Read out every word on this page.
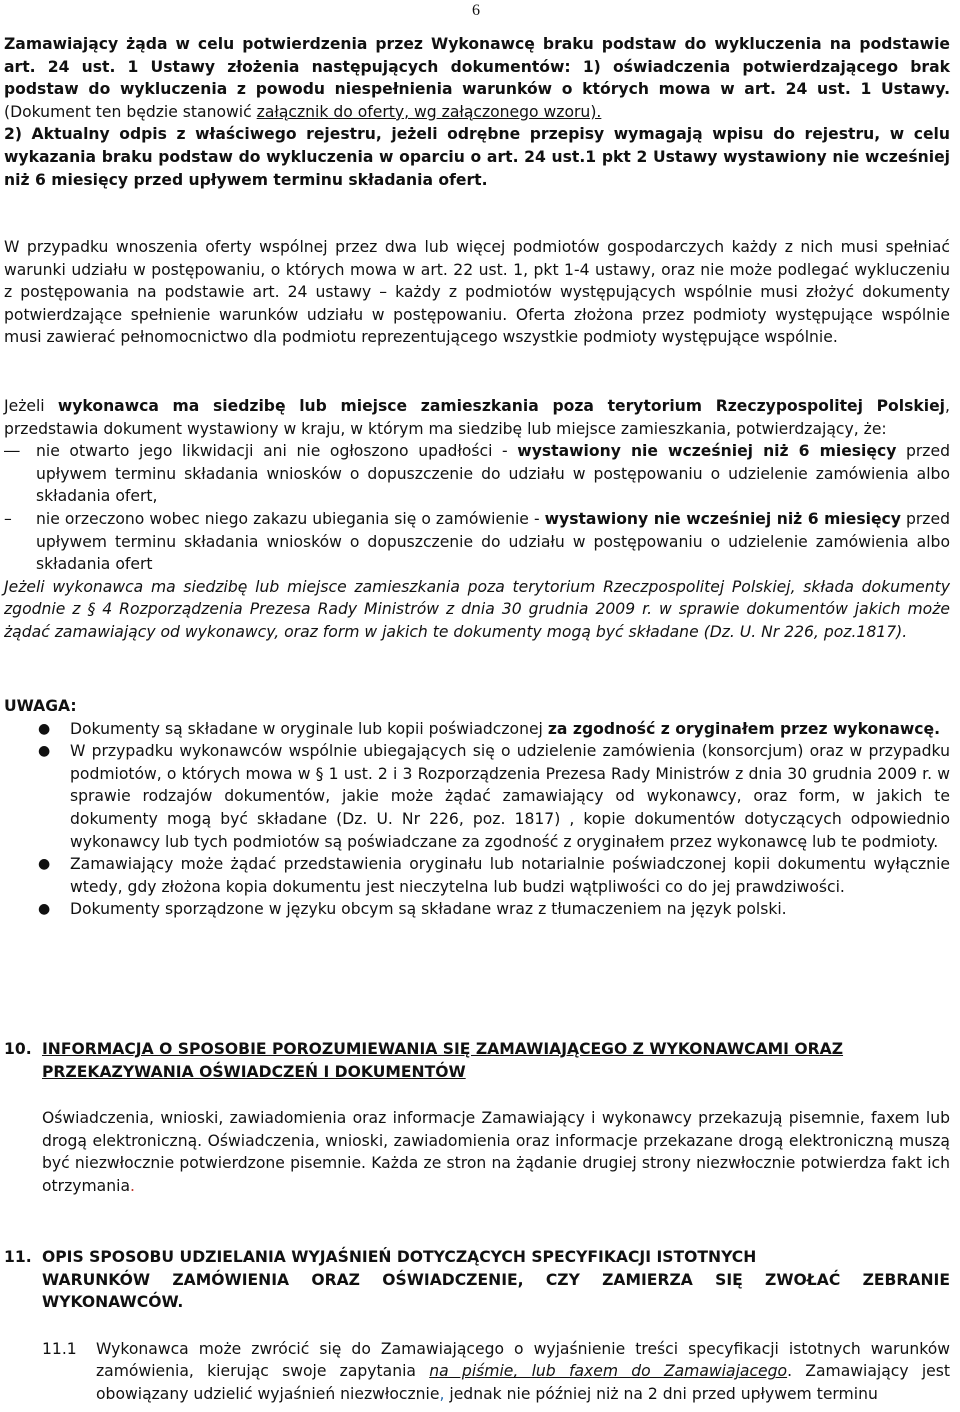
6

Zamawiający żąda w celu potwierdzenia przez Wykonawcę braku podstaw do wykluczenia na podstawie art. 24 ust. 1 Ustawy złożenia następujących dokumentów: 1) oświadczenia potwierdzającego brak podstaw do wykluczenia z powodu niespełnienia warunków o których mowa w art. 24 ust. 1 Ustawy. (Dokument ten będzie stanowić załącznik do oferty, wg załączonego wzoru).

2) Aktualny odpis z właściwego rejestru, jeżeli odrębne przepisy wymagają wpisu do rejestru, w celu wykazania braku podstaw do wykluczenia w oparciu o art. 24 ust.1 pkt 2 Ustawy wystawiony nie wcześniej niż 6 miesięcy przed upływem terminu składania ofert.

W przypadku wnoszenia oferty wspólnej przez dwa lub więcej podmiotów gospodarczych każdy z nich musi spełniać warunki udziału w postępowaniu, o których mowa w art. 22 ust. 1, pkt 1-4 ustawy, oraz nie może podlegać wykluczeniu z postępowania na podstawie art. 24 ustawy – każdy z podmiotów występujących wspólnie musi złożyć dokumenty potwierdzające spełnienie warunków udziału w postępowaniu. Oferta złożona przez podmioty występujące wspólnie musi zawierać pełnomocnictwo dla podmiotu reprezentującego wszystkie podmioty występujące wspólnie.

Jeżeli wykonawca ma siedzibę lub miejsce zamieszkania poza terytorium Rzeczypospolitej Polskiej, przedstawia dokument wystawiony w kraju, w którym ma siedzibę lub miejsce zamieszkania, potwierdzający, że:

― nie otwarto jego likwidacji ani nie ogłoszono upadłości - wystawiony nie wcześniej niż 6 miesięcy przed upływem terminu składania wniosków o dopuszczenie do udziału w postępowaniu o udzielenie zamówienia albo składania ofert,
– nie orzeczono wobec niego zakazu ubiegania się o zamówienie - wystawiony nie wcześniej niż 6 miesięcy przed upływem terminu składania wniosków o dopuszczenie do udziału w postępowaniu o udzielenie zamówienia albo składania ofert

Jeżeli wykonawca ma siedzibę lub miejsce zamieszkania poza terytorium Rzeczpospolitej Polskiej, składa dokumenty zgodnie z § 4 Rozporządzenia Prezesa Rady Ministrów z dnia 30 grudnia 2009 r. w sprawie dokumentów jakich może żądać zamawiający od wykonawcy, oraz form w jakich te dokumenty mogą być składane (Dz. U. Nr 226, poz.1817).

UWAGA:

● Dokumenty są składane w oryginale lub kopii poświadczonej za zgodność z oryginałem przez wykonawcę.
● W przypadku wykonawców wspólnie ubiegających się o udzielenie zamówienia (konsorcjum) oraz w przypadku podmiotów, o których mowa w § 1 ust. 2 i 3 Rozporządzenia Prezesa Rady Ministrów z dnia 30 grudnia 2009 r. w sprawie rodzajów dokumentów, jakie może żądać zamawiający od wykonawcy, oraz form, w jakich te dokumenty mogą być składane (Dz. U. Nr 226, poz. 1817) , kopie dokumentów dotyczących odpowiednio wykonawcy lub tych podmiotów są poświadczane za zgodność z oryginałem przez wykonawcę lub te podmioty.
● Zamawiający może żądać przedstawienia oryginału lub notarialnie poświadczonej kopii dokumentu wyłącznie wtedy, gdy złożona kopia dokumentu jest nieczytelna lub budzi wątpliwości co do jej prawdziwości.
● Dokumenty sporządzone w języku obcym są składane wraz z tłumaczeniem na język polski.
10. INFORMACJA O SPOSOBIE POROZUMIEWANIA SIĘ ZAMAWIAJĄCEGO Z WYKONAWCAMI ORAZ
PRZEKAZYWANIA OŚWIADCZEŃ I DOKUMENTÓW
Oświadczenia, wnioski, zawiadomienia oraz informacje Zamawiający i wykonawcy przekazują pisemnie, faxem lub drogą elektroniczną. Oświadczenia, wnioski, zawiadomienia oraz informacje przekazane drogą elektroniczną muszą być niezwłocznie potwierdzone pisemnie. Każda ze stron na żądanie drugiej strony niezwłocznie potwierdza fakt ich otrzymania.
11. OPIS SPOSOBU UDZIELANIA WYJAŚNIEŃ DOTYCZĄCYCH SPECYFIKACJI ISTOTNYCH
WARUNKÓW ZAMÓWIENIA ORAZ OŚWIADCZENIE, CZY ZAMIERZA SIĘ ZWOŁAĆ ZEBRANIE WYKONAWCÓW.
11.1 Wykonawca może zwrócić się do Zamawiającego o wyjaśnienie treści specyfikacji istotnych warunków zamówienia, kierując swoje zapytania na piśmie, lub faxem do Zamawiajacego. Zamawiający jest obowiązany udzielić wyjaśnień niezwłocznie, jednak nie później niż na 2 dni przed upływem terminu
